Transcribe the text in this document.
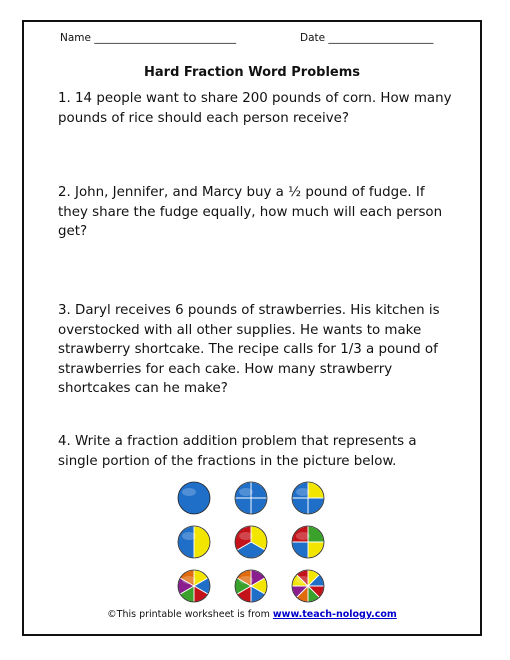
Name ___________________________	Date ____________________
Hard Fraction Word Problems
1. 14 people want to share 200 pounds of corn. How many pounds of rice should each person receive?
2. John, Jennifer, and Marcy buy a ½ pound of fudge. If they share the fudge equally, how much will each person get?
3. Daryl receives 6 pounds of strawberries. His kitchen is overstocked with all other supplies. He wants to make strawberry shortcake. The recipe calls for 1/3 a pound of strawberries for each cake. How many strawberry shortcakes can he make?
4. Write a fraction addition problem that represents a single portion of the fractions in the picture below.
©This printable worksheet is from www.teach-nology.com
